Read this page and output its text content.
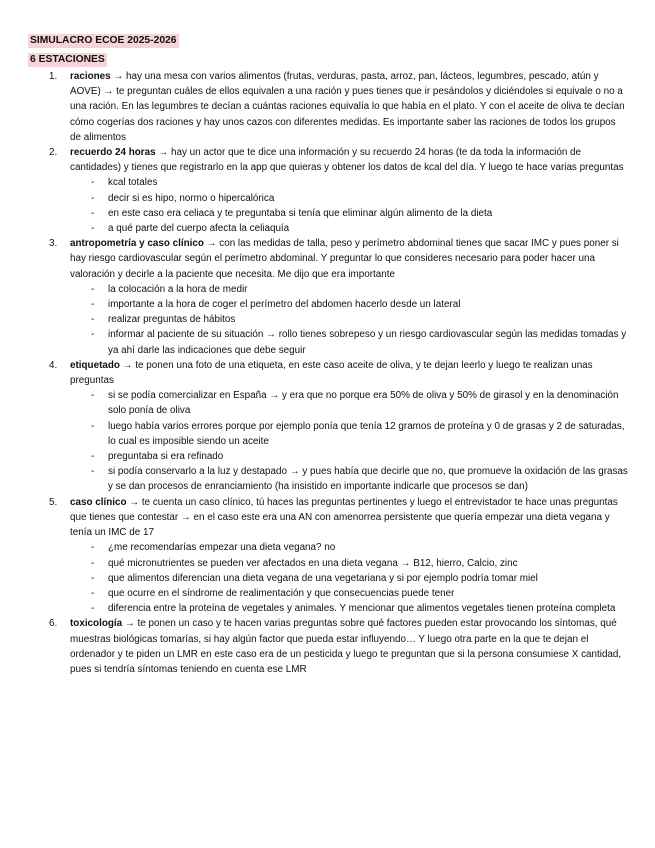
SIMULACRO ECOE 2025-2026
6 ESTACIONES
raciones → hay una mesa con varios alimentos (frutas, verduras, pasta, arroz, pan, lácteos, legumbres, pescado, atún y AOVE) → te preguntan cuáles de ellos equivalen a una ración y pues tienes que ir pesándolos y diciéndoles si equivale o no a una ración. En las legumbres te decían a cuántas raciones equivalía lo que había en el plato. Y con el aceite de oliva te decían cómo cogerías dos raciones y hay unos cazos con diferentes medidas. Es importante saber las raciones de todos los grupos de alimentos
recuerdo 24 horas → hay un actor que te dice una información y su recuerdo 24 horas (te da toda la información de cantidades) y tienes que registrarlo en la app que quieras y obtener los datos de kcal del día. Y luego te hace varias preguntas
- kcal totales
- decir si es hipo, normo o hipercalórica
- en este caso era celiaca y te preguntaba si tenía que eliminar algún alimento de la dieta
- a qué parte del cuerpo afecta la celiaquía
antropometría y caso clínico → con las medidas de talla, peso y perímetro abdominal tienes que sacar IMC y pues poner si hay riesgo cardiovascular según el perímetro abdominal. Y preguntar lo que consideres necesario para poder hacer una valoración y decirle a la paciente que necesita. Me dijo que era importante
- la colocación a la hora de medir
- importante a la hora de coger el perímetro del abdomen hacerlo desde un lateral
- realizar preguntas de hábitos
- informar al paciente de su situación → rollo tienes sobrepeso y un riesgo cardiovascular según las medidas tomadas y ya ahí darle las indicaciones que debe seguir
etiquetado → te ponen una foto de una etiqueta, en este caso aceite de oliva, y te dejan leerlo y luego te realizan unas preguntas
- si se podía comercializar en España → y era que no porque era 50% de oliva y 50% de girasol y en la denominación solo ponía de oliva
- luego había varios errores porque por ejemplo ponía que tenía 12 gramos de proteína y 0 de grasas y 2 de saturadas, lo cual es imposible siendo un aceite
- preguntaba si era refinado
- si podía conservarlo a la luz y destapado → y pues había que decirle que no, que promueve la oxidación de las grasas y se dan procesos de enranciamiento (ha insistido en importante indicarle que procesos se dan)
caso clínico → te cuenta un caso clínico, tú haces las preguntas pertinentes y luego el entrevistador te hace unas preguntas que tienes que contestar → en el caso este era una AN con amenorrea persistente que quería empezar una dieta vegana y tenía un IMC de 17
- ¿me recomendarías empezar una dieta vegana? no
- qué micronutrientes se pueden ver afectados en una dieta vegana → B12, hierro, Calcio, zinc
- que alimentos diferencian una dieta vegana de una vegetariana y si por ejemplo podría tomar miel
- que ocurre en el síndrome de realimentación y que consecuencias puede tener
- diferencia entre la proteína de vegetales y animales. Y mencionar que alimentos vegetales tienen proteína completa
toxicología → te ponen un caso y te hacen varias preguntas sobre qué factores pueden estar provocando los síntomas, qué muestras biológicas tomarías, si hay algún factor que pueda estar influyendo… Y luego otra parte en la que te dejan el ordenador y te piden un LMR en este caso era de un pesticida y luego te preguntan que si la persona consumiese X cantidad, pues si tendría síntomas teniendo en cuenta ese LMR
